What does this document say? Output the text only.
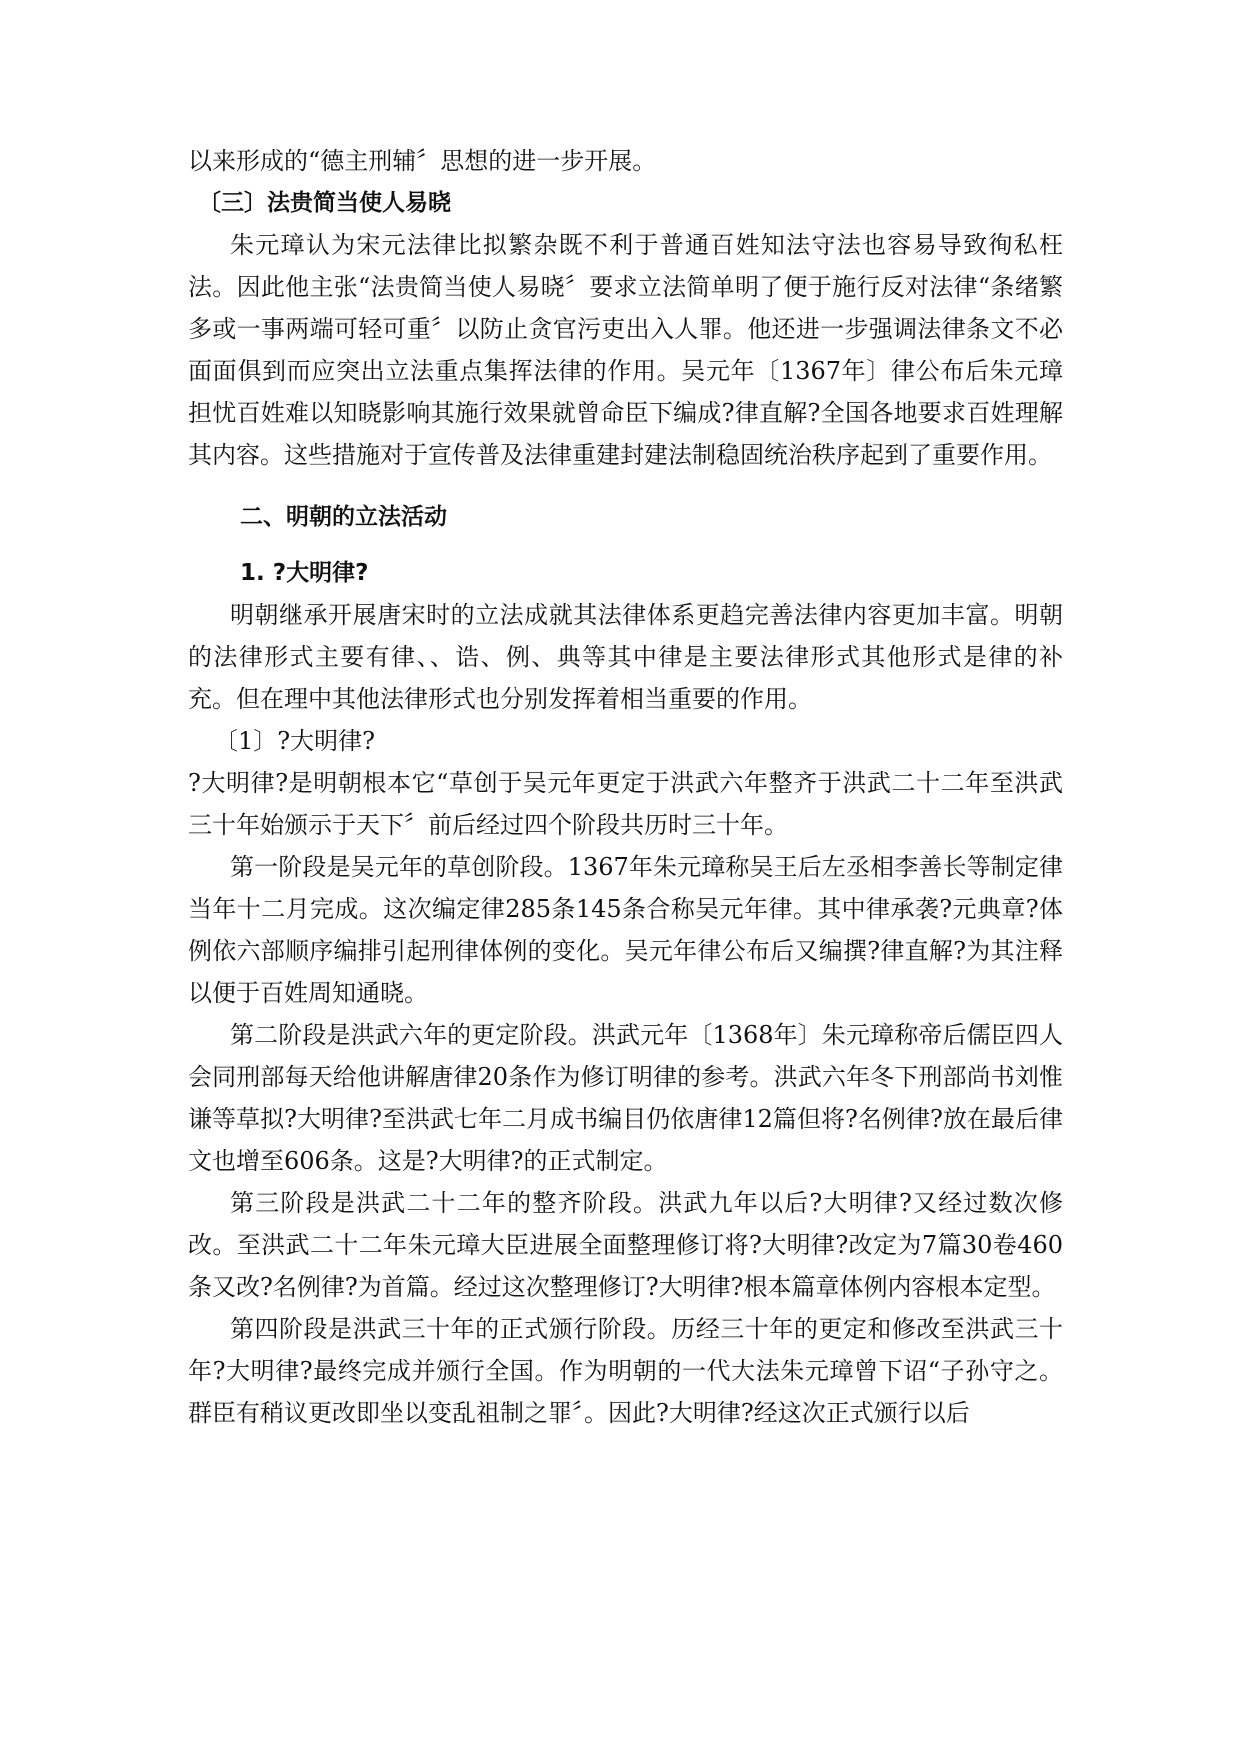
以来形成的“德主刑辅〞思想的进一步开展。

〔三〕法贵简当使人易晓

朱元璋认为宋元法律比拟繁杂既不利于普通百姓知法守法也容易导致徇私枉法。因此他主张“法贵简当使人易晓〞要求立法简单明了便于施行反对法律“条绪繁多或一事两端可轻可重〞以防止贪官污吏出入人罪。他还进一步强调法律条文不必面面俱到而应突出立法重点集挥法律的作用。吴元年〔1367年〕律公布后朱元璋担忧百姓难以知晓影响其施行效果就曾命臣下编成?律直解?全国各地要求百姓理解其内容。这些措施对于宣传普及法律重建封建法制稳固统治秩序起到了重要作用。

二、明朝的立法活动

1. ?大明律?

明朝继承开展唐宋时的立法成就其法律体系更趋完善法律内容更加丰富。明朝的法律形式主要有律、、诰、例、典等其中律是主要法律形式其他形式是律的补充。但在理中其他法律形式也分别发挥着相当重要的作用。

〔1〕?大明律?

?大明律?是明朝根本它“草创于吴元年更定于洪武六年整齐于洪武二十二年至洪武三十年始颁示于天下〞前后经过四个阶段共历时三十年。

第一阶段是吴元年的草创阶段。1367年朱元璋称吴王后左丞相李善长等制定律当年十二月完成。这次编定律285条145条合称吴元年律。其中律承袭?元典章?体例依六部顺序编排引起刑律体例的变化。吴元年律公布后又编撰?律直解?为其注释以便于百姓周知通晓。

第二阶段是洪武六年的更定阶段。洪武元年〔1368年〕朱元璋称帝后儒臣四人会同刑部每天给他讲解唐律20条作为修订明律的参考。洪武六年冬下刑部尚书刘惟谦等草拟?大明律?至洪武七年二月成书编目仍依唐律12篇但将?名例律?放在最后律文也增至606条。这是?大明律?的正式制定。

第三阶段是洪武二十二年的整齐阶段。洪武九年以后?大明律?又经过数次修改。至洪武二十二年朱元璋大臣进展全面整理修订将?大明律?改定为7篇30卷460条又改?名例律?为首篇。经过这次整理修订?大明律?根本篇章体例内容根本定型。

第四阶段是洪武三十年的正式颁行阶段。历经三十年的更定和修改至洪武三十年?大明律?最终完成并颁行全国。作为明朝的一代大法朱元璋曾下诏“子孙守之。群臣有稍议更改即坐以变乱祖制之罪〞。因此?大明律?经这次正式颁行以后
